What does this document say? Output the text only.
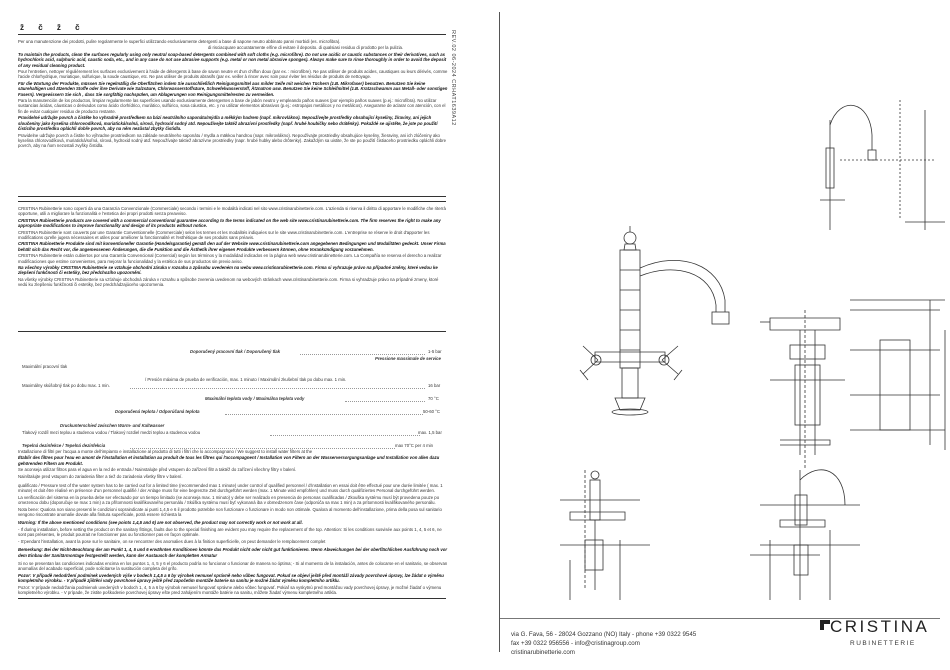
ž č ž č

Per una manutenzione dei prodotti, pulire regolarmente le superfici utilizzando esclusivamente detergenti a base di sapone neutro abbinato panni morbidi (es. microfibra).

di risciacquare accuratamente e/fine di evitare il deposito. di qualsiasi residuo di prodotto per la pulizia.

To maintain the products, clean the surfaces regularly using only neutral soap-based detergents combined with soft cloths (e.g. microfibre). Do not use acidic or caustic substances or their derivatives, such as hydrochloric acid, sulphuric acid, caustic soda, etc., and in any case do not use abrasive supports (e.g. metal or non metal abrasive sponges). Always make sure to rinse thoroughly in order to avoid the deposit of any residual cleaning product.

Pour l'entretien, nettoyer régulièrement les surfaces exclusivement à l'aide de détergents à base de savon neutre et d'un chiffon doux (par ex. : microfibre). Ne pas utiliser de produits acides, caustiques ou leurs dérivés, comme l'acide chlorhydrique, muriatique, sulfurique, la soude caustique, etc. Ne pas utiliser de produits abrasifs (par ex. veiller à rincer avec soin pour éviter les résidus de produits de nettoyage.

Für die Wartung der Produkte, müssen Sie regelmäßig die Oberflächen indem Sie ausschließlich Reinigungsmittel aus milder Seife mit weichen Tüchern (z.B. Mikrofaser) benutzen. Benutzen Sie keine säurehaltigen und ätzenden Stoffe oder ihre Derivate wie Salzsäure, Chlorwasserstoffsäure, Schwefelwasserstoff, Ätznatron usw. Benutzen Sie keine Schleifmittel (z.B. Kratzschwamm aus Metall- oder sonstigen Fasern). Vergewissern Sie sich , dass Sie sorgfältig nachspülen, um Ablagerungen von Reinigungsmittelresten zu vermeiden.

Para la manutención de los productos, limpiar regularmente las superficies usando exclusivamente detergentes a base de jabón neutro y empleando paños suaves (por ejemplo paños suaves (p.ej.: microfibra). No utilizar sustancias ácidas, cáusticas o derivados como ácido clorhídrico, muriático, sulfúrico, sosa cáustica, etc. y no utilizar elementos abrasivos (p.ej.: estropajos metálicos y no metálicos). Asegurarse de aclarar con atención, con el fin de evitar cualquier residuo de producto restante.

Pravidelné udržujte povrch a čistěte ho vyhradně prostředkem na bázi neutrálního saponátu/mýdla a měkkým hadrem (např. mikrovlákno). Nepoužívejte prostředky obsahující kyseliny, žíraviny, ani jejich sloučeniny jako kyselina chlorovodíková, muriatická/solná, sírová, hydroxid sodný atd. Nepoužívejte taktéž abrazivní prostředky (např. hrubé houbičky nebo drátěnky). Pokaždé se ujistěte, že jste po použití čisticího prostředku opláchli dobře povrch, aby na něm nezůstal zbytky čistidla.

Pravidelne udržujte povrch a čistite ho výhradne prostriedkom na základe neutrálneho saponátu / mydla a mäkkou handrou (napr. mikrovlákno). Nepoužívajte prostriedky obsahujúce kyseliny, žieraviny, ani ich zlúčeniny ako kyselina chlorovodíková, muriatická/soľná, sírová, hydroxid sodný atď. Nepoužívajte taktiež abrazívne prostriedky (napr. hrubé hubky alebo drôtenky). Zakaždým sa uistite, že ste po použití čistiaceho prostriedku opláchli dobre povrch, aby na ňom nezostali zvyšky čistidla.

CRISTINA Rubinetterie sono coperti da una Garanzia Convenzionale (Commerciale) secondo i termini e le modalità indicati nel sito www.cristinarubinetterie.com. L'azienda si riserva il diritto di apportare le modifiche che riterrà opportune, utili a migliorare la funzionalità e l'estetica dei propri prodotti senza preavviso.

CRISTINA Rubinetterie products are covered with a commercial conventional guarantee according to the terms indicated on the web site www.cristinarubinetterie.com. The firm reserves the right to make any appropriate modifications to improve functionality and design of its products without notice.

CRISTINA Rubinetterie sont couverts par une Garantie Conventionnelle (Commerciale) selon les termes et les modalités indiquées sur le site www.cristinarubinetterie.com. L'entreprise se réserve le droit d'apporter les modifications qu'elle jugera nécessaires et utiles pour améliorer la fonctionnalité et l'esthétique de ses produits sans préavis.

CRISTINA Rubinetterie Produkte sind mit konventioneller Garantie (Handelsgarantie) gemäß den auf der Website www.cristinarubinetterie.com angegebenen Bedingungen und Modalitäten gedeckt. Unser Firma behält sich das Recht vor, die angemessenen Änderungen, die die Funktion und die Ästhetik ihrer eigenen Produkte verbessern können, ohne Vorankündigung vorzunehmen.

CRISTINA Rubinetterie están cubiertos por una Garantía Convencional (Comercial) según los términos y la modalidad indicados en la página web www.cristinarubinetterie.com. La Compañía se reserva el derecho a realizar modificaciones que estime convenientes, para mejorar la funcionalidad y la estética de sus productos sin previo aviso.

Na všechny výrobky CRISTINA Rubinetterie se vztahuje obchodní záruka v rozsahu a způsobu uvedeném na webu www.cristinarubinetterie.com. Firma si vyhrazuje právo na případné změny, které vedou ke zlepšení funkčnosti či estetiky, bez předchozího upozornění.

Na všetky výrobky CRISTINA Rubinetterie sa vzťahuje obchodná záruka v rozsahu a spôsobe zverenia uvedenom na webových stránkach www.cristinarubinetterie.com. Firma si vyhradzuje právo na prípadné zmeny, ktoré vedú ku zlepšeniu funkčnosti či estetiky, bez predchádzajúceho upozornenia.

Doporučený pracovní tlak / Doporučený tlak	1-5 bar
Pressione massimale de service
Maximální pracovní tlak
/ Presión máxima de prueba de verificación, max. 1 minuto / Maximální zkušební tlak po dobu max. 1 min.
Maximálny skúšobný tlak po dobu max. 1 min.	16 bar
Maximální teplota vody / Maximálna teplota vody	70 °C
Doporučená teplota / Odporúčaná teplota	50-60 °C
Druckunterschied zwischen Warm- und Kaltwasser
Tlakový rozdíl mezi teplou a studenou vodou / Tlakový rozdiel medzi teplou a studenou vodou	max. 1,5 bar
Tepelná dezinfekce / Tepelná dezinfekcia	max 70°C per 4 min

Installazione di filtri per l'acqua a monte dell'impianto e installazione al prodotto di tutti i filtri che lo accompagnano / We suggest to install water filters at the

Établir des filtres pour l'eau en amont de l'installation et installation au produit de tous les filtres qui l'accompagnent / Installation von Filtern an der Wasserversorgungsanlage und Installation von allen dazu gehörenden Filtern am Produkt.

Se aconseja utilizar filtros para el agua en la red de entrada / Nainstalujte před vstupem do zařízení filtr a taktéž do zařízení všechny filtry v balení.

Nainštalujte pred vstupom do zariadenia filter a tiež do zariadenia všetky filtre v balení.

qualificato / Pressure test of the water system has to be carried out for a limited time (recommended max 1 minute) under control of qualified personnel / d'installation en essai doit être effectué pour une durée limitée ( max. 1 minute) et doit être réalisé en présence d'un personnel qualifié / der Anlage muss für eine begrenzte Zeit durchgeführt werden (max. 1 Minute wird empfohlen) und muss durch qualifiziertes Personal durchgeführt werden.

La verificación del sistema en la prueba debe ser efectuado por un tiempo limitado (se aconseja max. 1 minuto) y debe ser realizado en presencia de personas cualificadas / Zkouška systému musí být provedena pouze po omezenou dobu (doporučuje se max 1 min) a za přítomnosti kvalifikovaného personálu / Skúška systému musí byť vykonaná iba v obmedzenom čase (odporúča sa max 1 min) a za prítomnosti kvalifikovaného personálu.

Nota bene: Qualora non siano presenti le condizioni sopraindicate ai punti 1,4,5 e 6 il prodotto potrebbe non funzionare o funzionare in modo non ottimale. Qualora al momento dell'installazione, prima della posa sul sanitario vengono riscontrate anomalie dovute alla finitura superficiale, potrà essere richiesta la

Warning: If the above mentioned conditions (see points 1,4,5 and 6) are not observed, the product may not correctly work or not work at all.

- If during installation, before setting the product on the sanitary fittings, faults due to the special finishing are evident you may require the replacement of the top. Attention: Si les conditions susvisée aux points 1, 4, 5 et 6, ne sont pas présentes, le produit pourrait ne fonctionner pas ou fonctionner pas en façon optimale.

- S'pendant l'installation, avant la pose sur le sanitaire, on se rencontrer des anomalies dues à la finition superficielle, on peut demander le remplacement complet

Bemerkung: Bei der Nicht-Beachtung der am Punkt 1, 4, 5 und 6 erwähnten Konditionen könnte das Produkt nicht oder nicht gut funktionieren. Wenn Abweichungen bei der oberflächlichen Ausführung noch vor dem Einbau der Sanitärmontage festgestellt werden, kann der Austausch der kompletten Armatur

Si no se presentan las condiciones indicadas encima en los puntos 1, 4, 5 y 6 el producto podría no funcionar o funcionar de manera no óptima; - Si al momento de la instalación, antes de colocarse en el sanitario, se observan anomalías del acabado superficial, pode solicitarse la sustitución completa del grifo.

Pozor: V případě nedodržení podmínek uvedených výše v bodech 1,4,5 a 6 by výrobek nemusel správně nebo vůbec fungovat. Pokud se objeví ještě před montáží závady povrchové úpravy, lze žádat o výměnu kompletního výrobku. - V případě zjištění vady povrchové úpravy ještě před započetím montáže baterie na sanitu je možné žádat výměnu kompletního artiklu.

Pozor: V prípade nedodržania podmienok uvedených v bodoch 1, 4, 5 a 6 by výrobok nemusel fungovať správne alebo vôbec fungovať. Pokiaľ sa vyskytnú pred montážou vady povrchovej úpravy, je možné žiadať o výmenu kompletného výrobku. - V prípade, že zistite poškodenie povrchovej úpravy ešte pred zahájením montáže batérie na sanitu, môžete žiadať výmenu kompletného artikla.

REV.02 06-2024 CRHAT1639A12
via G. Fava, 56 - 28024 Gozzano (NO) Italy - phone +39 0322 9545
fax +39 0322 956556 - info@cristinagroup.com
cristinarubinetterie.com
CRISTINA
RUBINETTERIE
